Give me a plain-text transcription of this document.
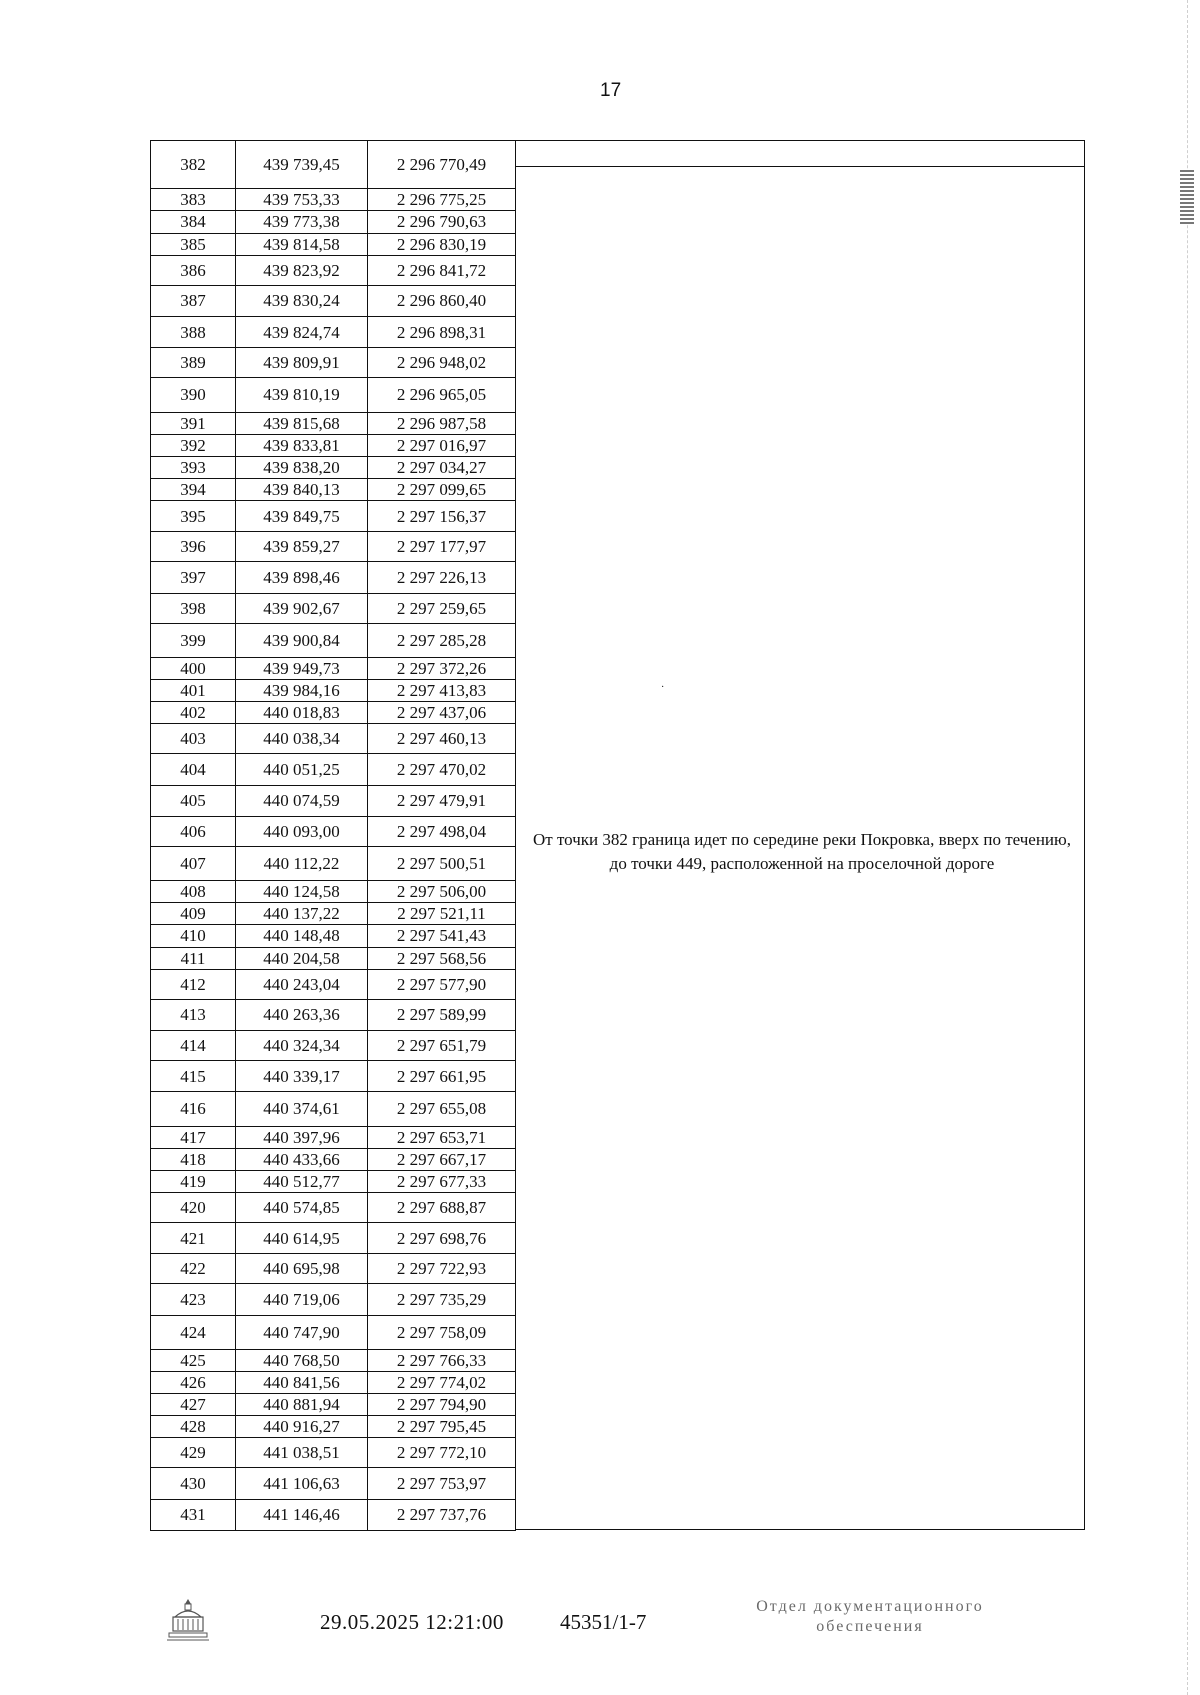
17
382	439 739,45	2 296 770,49
383	439 753,33	2 296 775,25
384	439 773,38	2 296 790,63
385	439 814,58	2 296 830,19
386	439 823,92	2 296 841,72
387	439 830,24	2 296 860,40
388	439 824,74	2 296 898,31
389	439 809,91	2 296 948,02
390	439 810,19	2 296 965,05
391	439 815,68	2 296 987,58
392	439 833,81	2 297 016,97
393	439 838,20	2 297 034,27
394	439 840,13	2 297 099,65
395	439 849,75	2 297 156,37
396	439 859,27	2 297 177,97
397	439 898,46	2 297 226,13
398	439 902,67	2 297 259,65
399	439 900,84	2 297 285,28
400	439 949,73	2 297 372,26
401	439 984,16	2 297 413,83
402	440 018,83	2 297 437,06
403	440 038,34	2 297 460,13
404	440 051,25	2 297 470,02
405	440 074,59	2 297 479,91
406	440 093,00	2 297 498,04
407	440 112,22	2 297 500,51
408	440 124,58	2 297 506,00
409	440 137,22	2 297 521,11
410	440 148,48	2 297 541,43
411	440 204,58	2 297 568,56
412	440 243,04	2 297 577,90
413	440 263,36	2 297 589,99
414	440 324,34	2 297 651,79
415	440 339,17	2 297 661,95
416	440 374,61	2 297 655,08
417	440 397,96	2 297 653,71
418	440 433,66	2 297 667,17
419	440 512,77	2 297 677,33
420	440 574,85	2 297 688,87
421	440 614,95	2 297 698,76
422	440 695,98	2 297 722,93
423	440 719,06	2 297 735,29
424	440 747,90	2 297 758,09
425	440 768,50	2 297 766,33
426	440 841,56	2 297 774,02
427	440 881,94	2 297 794,90
428	440 916,27	2 297 795,45
429	441 038,51	2 297 772,10
430	441 106,63	2 297 753,97
431	441 146,46	2 297 737,76
·
От точки 382 граница идет по середине реки Покровка, вверх по течению,
до точки 449, расположенной на проселочной дороге
29.05.2025 12:21:00	45351/1-7
Отдел документационного
обеспечения
